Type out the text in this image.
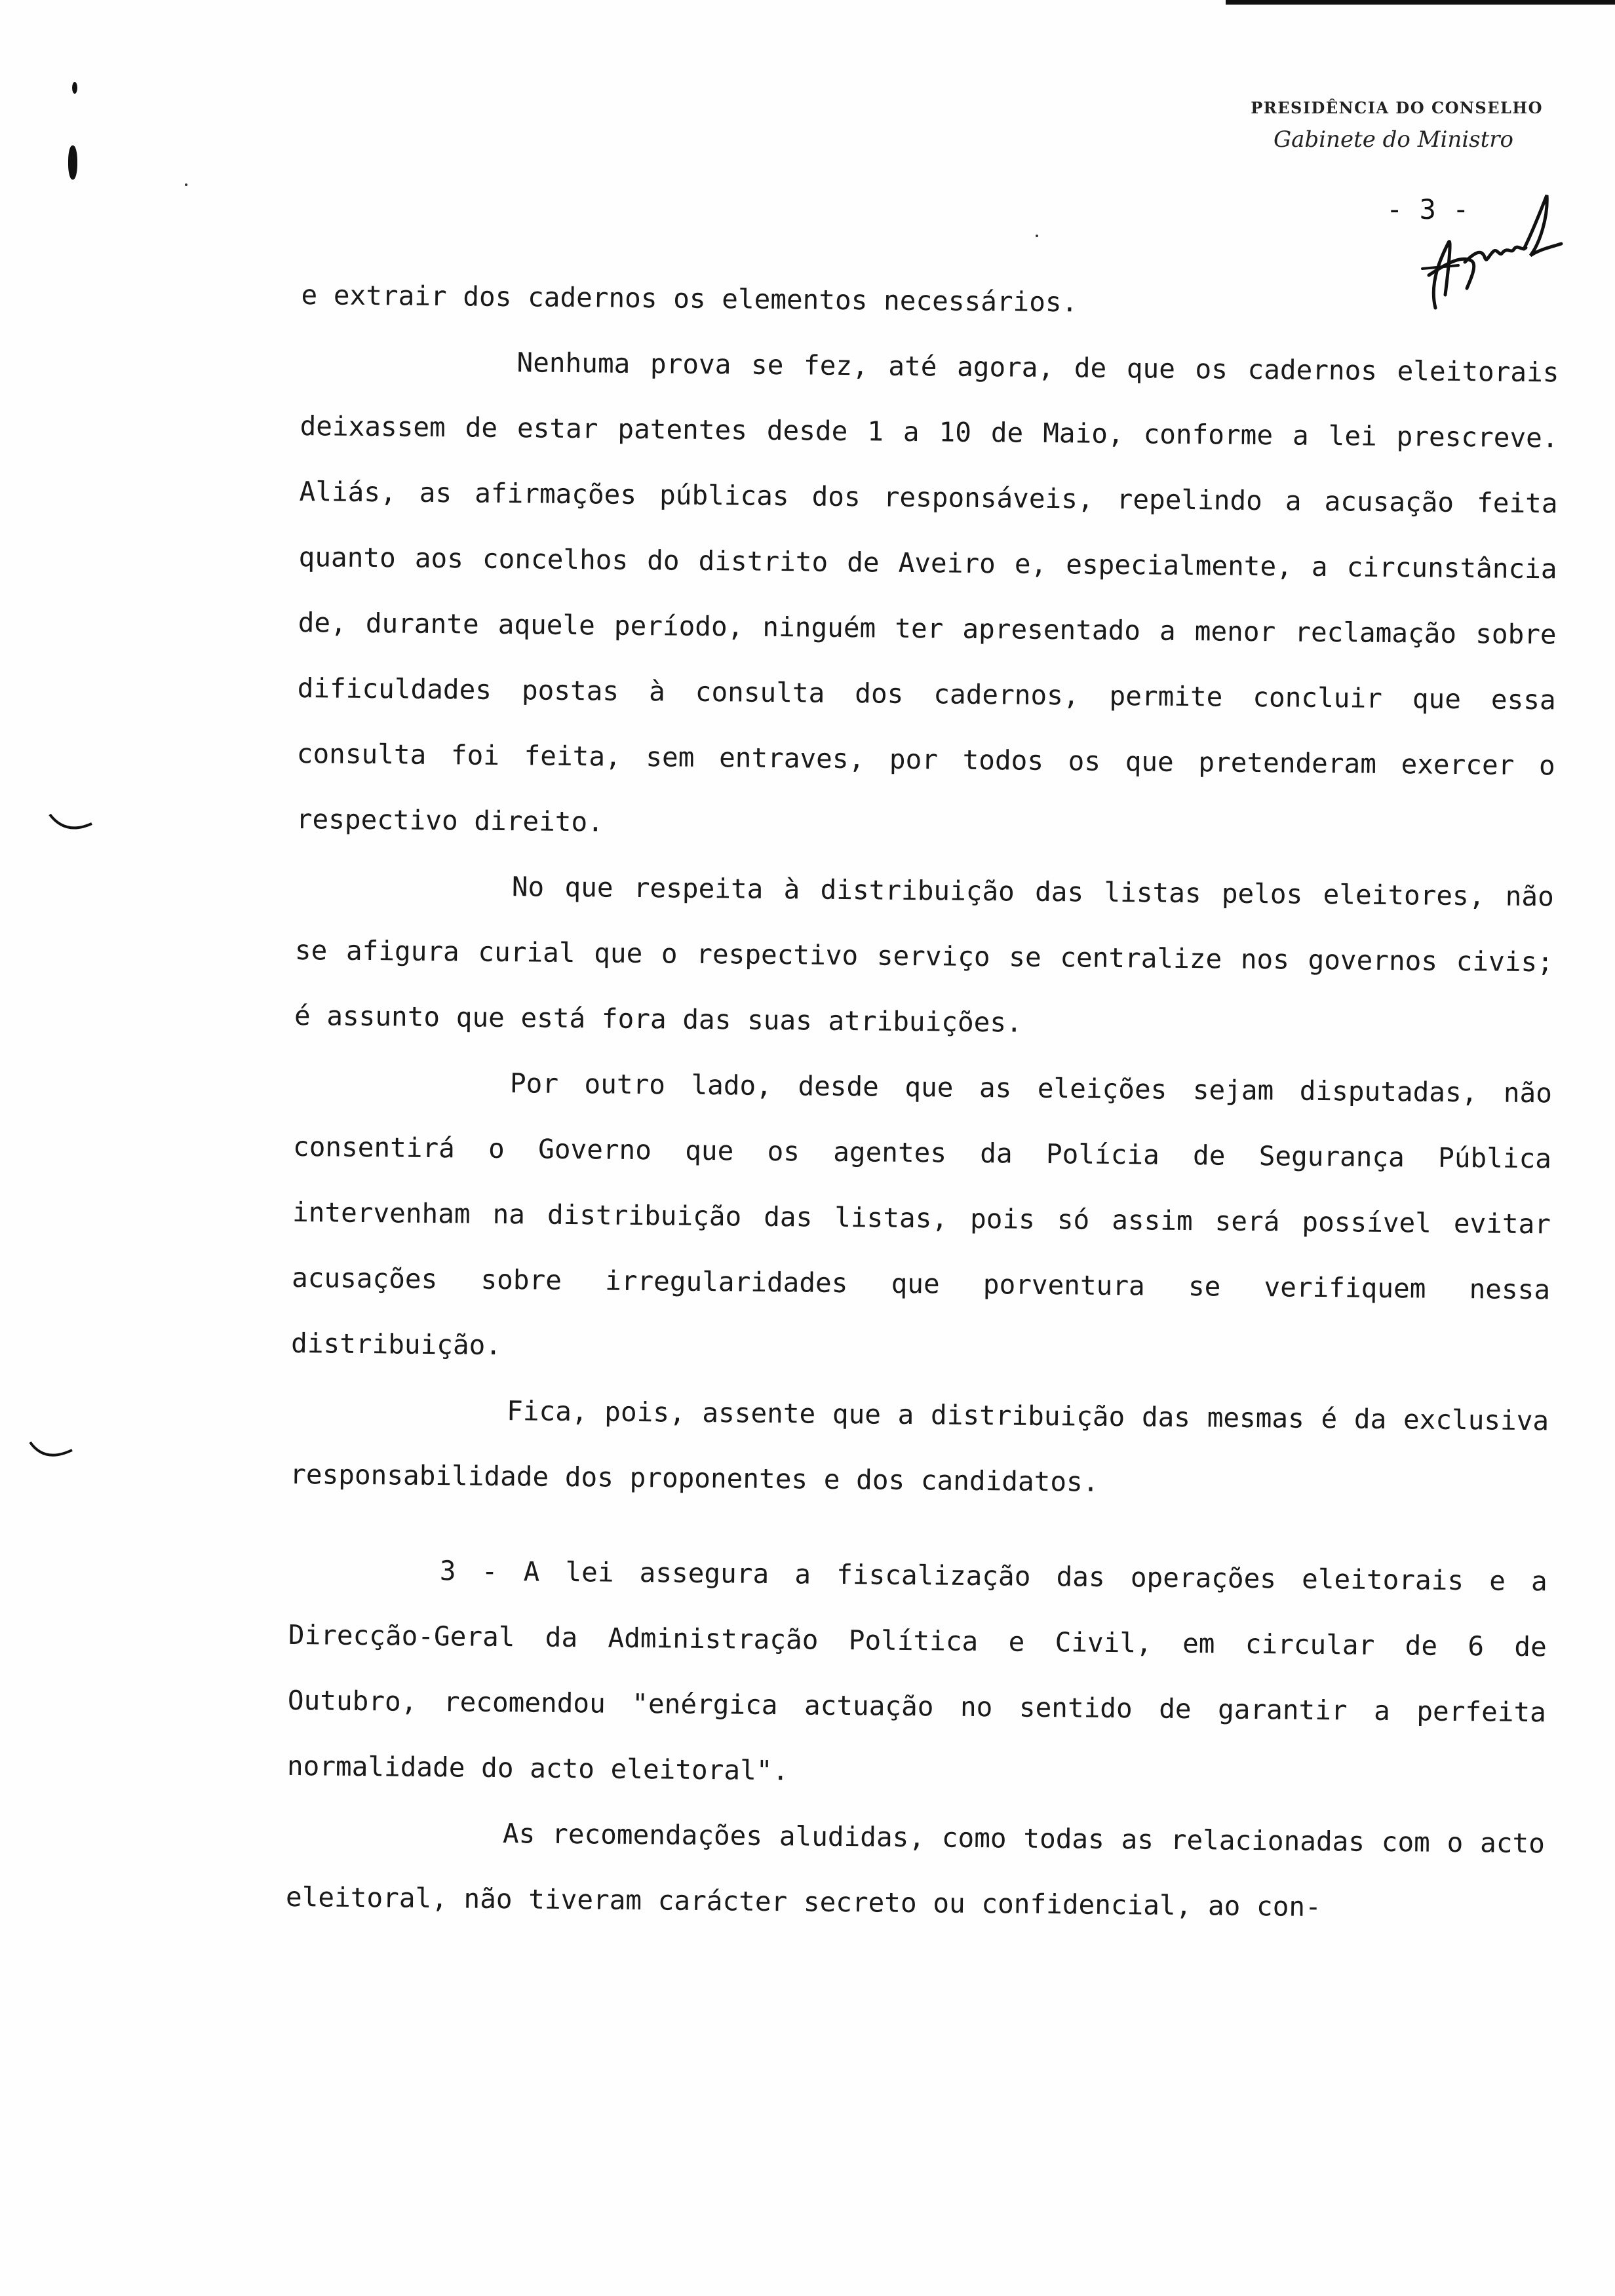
PRESIDÊNCIA DO CONSELHO
Gabinete do Ministro
- 3 -

e extrair dos cadernos os elementos necessários.

Nenhuma prova se fez, até agora, de que os cadernos eleitorais deixassem de estar patentes desde 1 a 10 de Maio, conforme a lei prescreve. Aliás, as afirmações públicas dos responsáveis, repelindo a acusação feita quanto aos concelhos do distrito de Aveiro e, especialmente, a circunstância de, durante aquele período, ninguém ter apresentado a menor reclamação sobre dificuldades postas à consulta dos cadernos, permite concluir que essa consulta foi feita, sem entraves, por todos os que pretenderam exercer o respectivo direito.

No que respeita à distribuição das listas pelos eleitores, não se afigura curial que o respectivo serviço se centralize nos governos civis; é assunto que está fora das suas atribuições.

Por outro lado, desde que as eleições sejam disputadas, não consentirá o Governo que os agentes da Polícia de Segurança Pública intervenham na distribuição das listas, pois só assim será possível evitar acusações sobre irregularidades que porventura se verifiquem nessa distribuição.

Fica, pois, assente que a distribuição das mesmas é da exclusiva responsabilidade dos proponentes e dos candidatos.

3 - A lei assegura a fiscalização das operações eleitorais e a Direcção-Geral da Administração Política e Civil, em circular de 6 de Outubro, recomendou "enérgica actuação no sentido de garantir a perfeita normalidade do acto eleitoral".

As recomendações aludidas, como todas as relacionadas com o acto eleitoral, não tiveram carácter secreto ou confidencial, ao con-
